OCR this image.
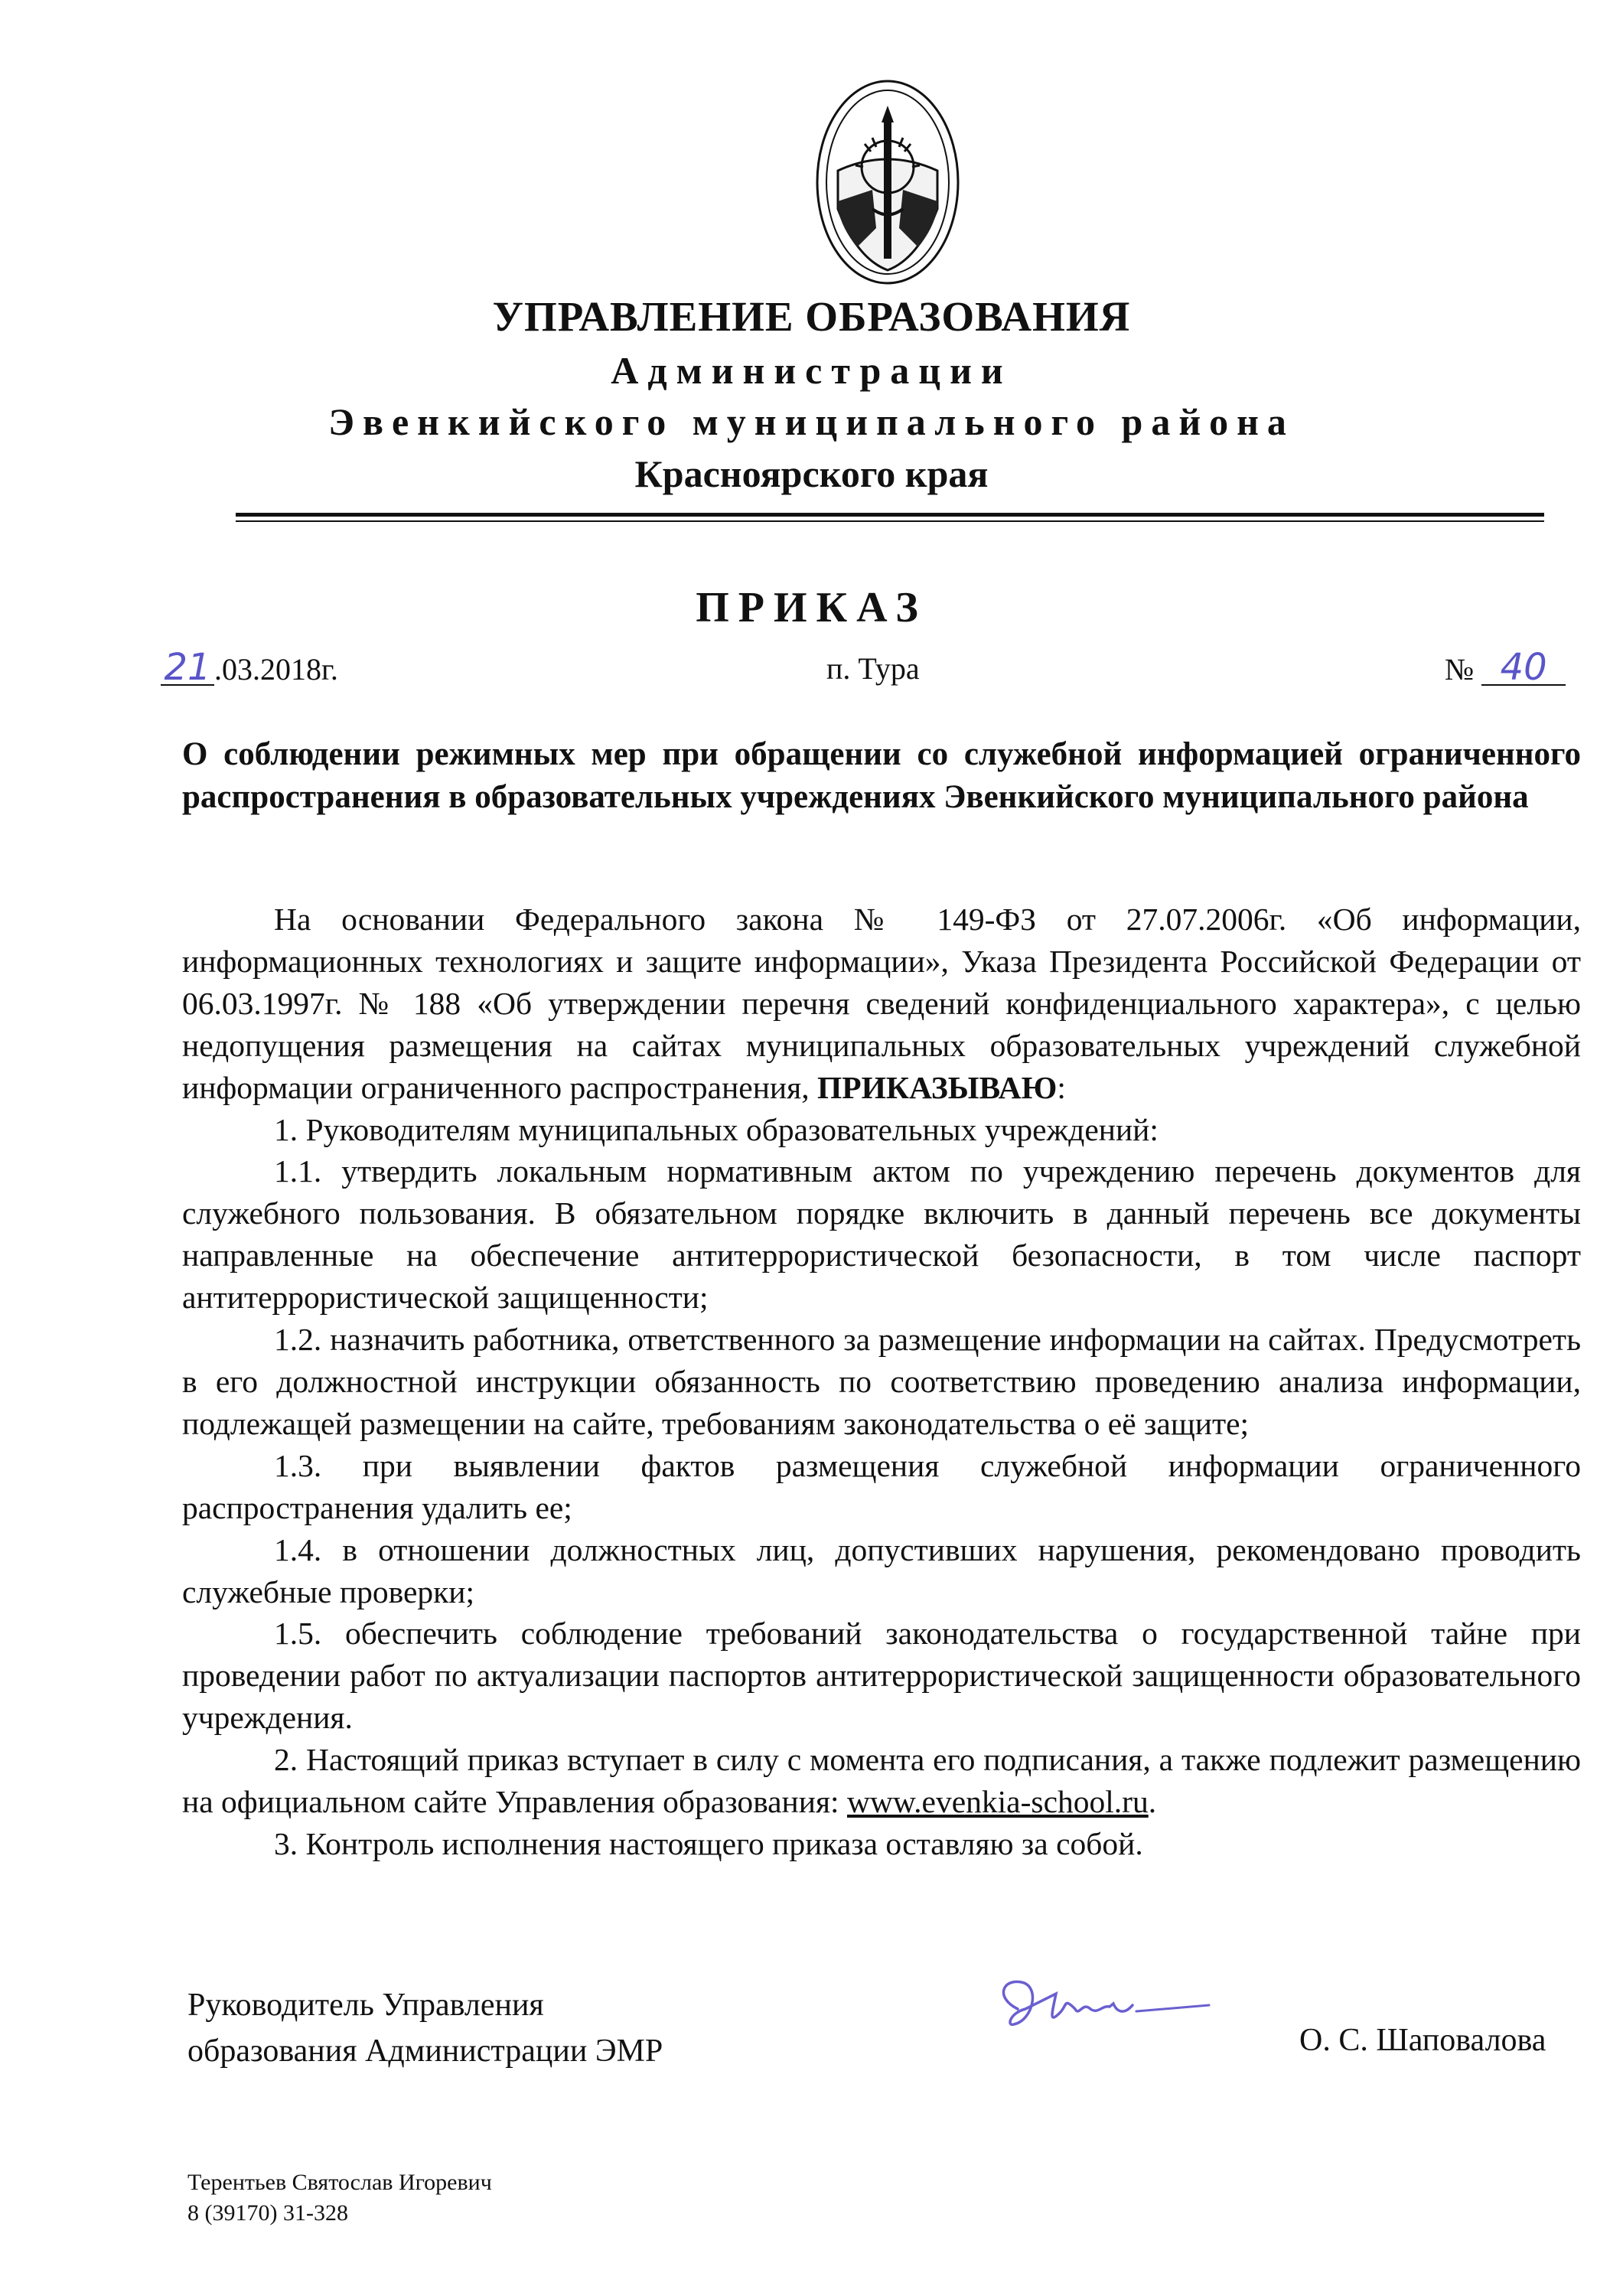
УПРАВЛЕНИЕ ОБРАЗОВАНИЯ
Администрации
Эвенкийского муниципального района
Красноярского края
ПРИКАЗ
21 .03.2018г.	п. Тура	№ 40
О соблюдении режимных мер при обращении со служебной информацией ограниченного распространения в образовательных учреждениях Эвенкийского муниципального района

На основании Федерального закона № 149-ФЗ от 27.07.2006г. «Об информации, информационных технологиях и защите информации», Указа Президента Российской Федерации от 06.03.1997г. № 188 «Об утверждении перечня сведений конфиденциального характера», с целью недопущения размещения на сайтах муниципальных образовательных учреждений служебной информации ограниченного распространения, ПРИКАЗЫВАЮ:

1. Руководителям муниципальных образовательных учреждений:

1.1. утвердить локальным нормативным актом по учреждению перечень документов для служебного пользования. В обязательном порядке включить в данный перечень все документы направленные на обеспечение антитеррористической безопасности, в том числе паспорт антитеррористической защищенности;

1.2. назначить работника, ответственного за размещение информации на сайтах. Предусмотреть в его должностной инструкции обязанность по соответствию проведению анализа информации, подлежащей размещении на сайте, требованиям законодательства о её защите;

1.3. при выявлении фактов размещения служебной информации ограниченного распространения удалить ее;

1.4. в отношении должностных лиц, допустивших нарушения, рекомендовано проводить служебные проверки;

1.5. обеспечить соблюдение требований законодательства о государственной тайне при проведении работ по актуализации паспортов антитеррористической защищенности образовательного учреждения.

2. Настоящий приказ вступает в силу с момента его подписания, а также подлежит размещению на официальном сайте Управления образования: www.evenkia-school.ru.

3. Контроль исполнения настоящего приказа оставляю за собой.

Руководитель Управления
образования Администрации ЭМР	О. С. Шаповалова
Терентьев Святослав Игоревич
8 (39170) 31-328
